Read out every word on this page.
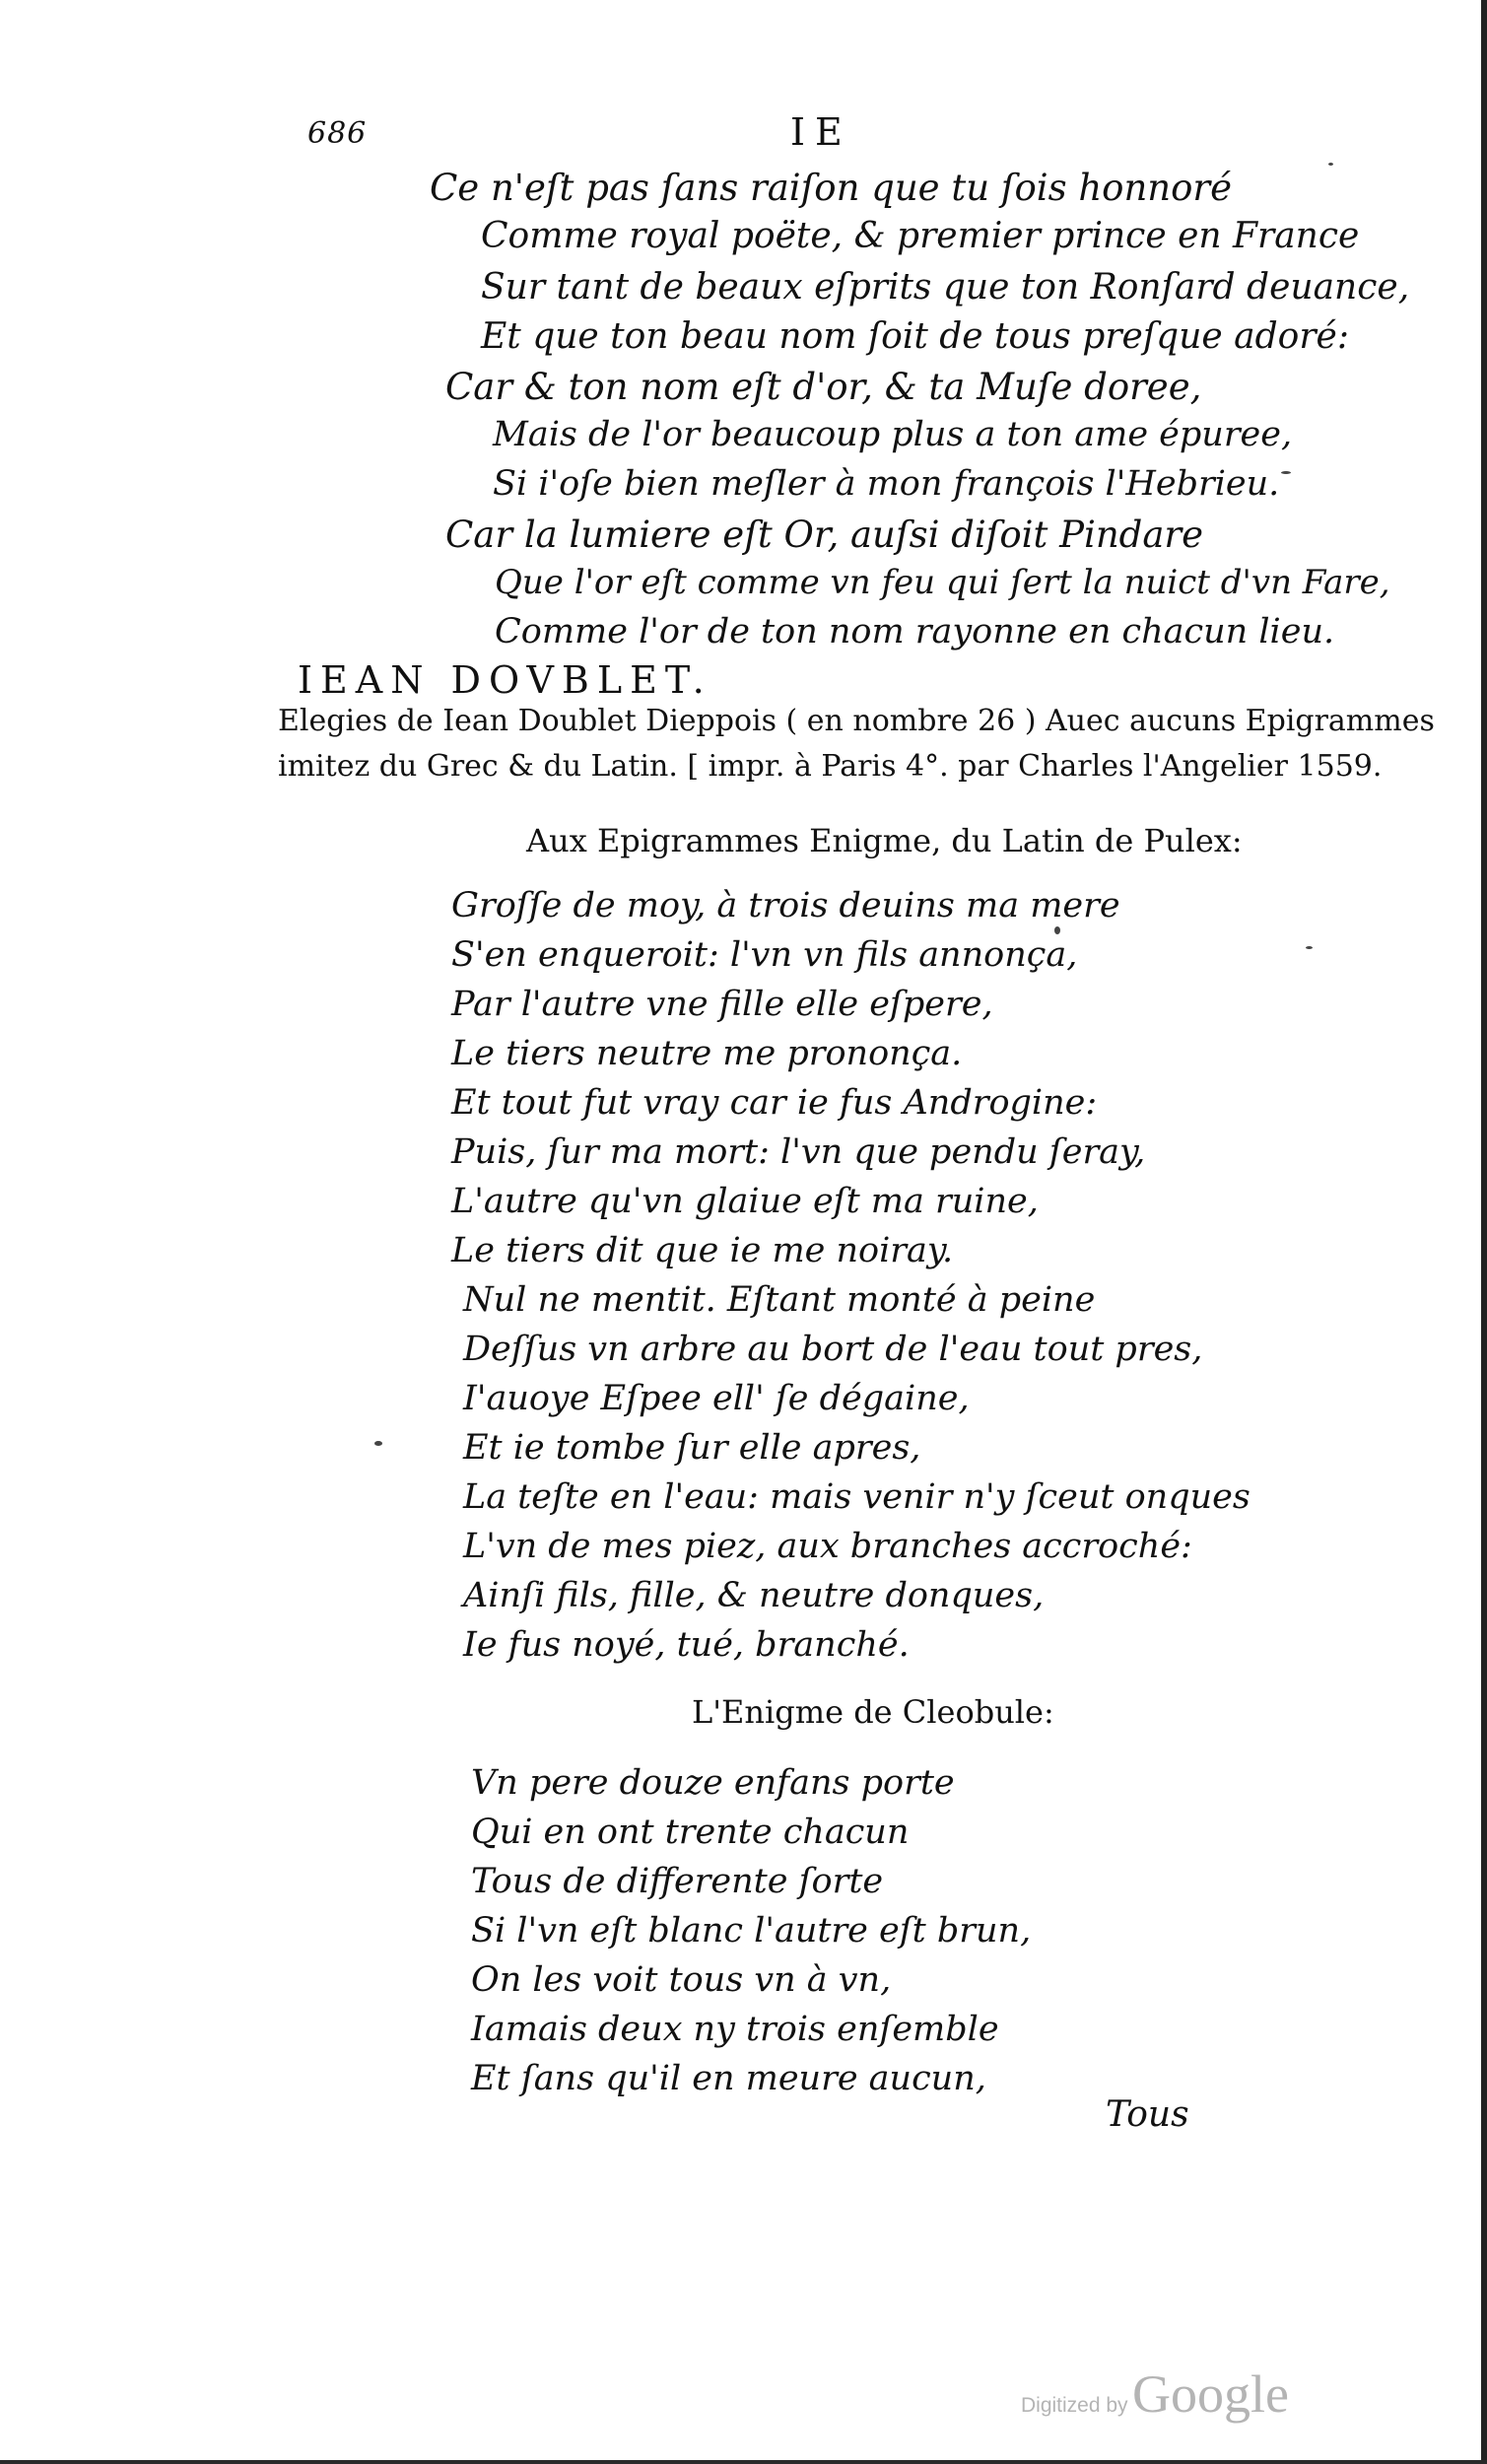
686	IE
Ce n'eſt pas ſans raiſon que tu ſois honnoré
Comme royal poëte, & premier prince en France
Sur tant de beaux eſprits que ton Ronſard deuance,
Et que ton beau nom ſoit de tous preſque adoré:
Car & ton nom eſt d'or, & ta Muſe doree,
Mais de l'or beaucoup plus a ton ame épuree,
Si i'oſe bien meſler à mon françois l'Hebrieu.
Car la lumiere eſt Or, auſsi diſoit Pindare
Que l'or eſt comme vn feu qui ſert la nuict d'vn Fare,
Comme l'or de ton nom rayonne en chacun lieu.
IEAN DOVBLET.
Elegies de Iean Doublet Dieppois ( en nombre 26 ) Auec aucuns Epigrammes
imitez du Grec & du Latin. [ impr. à Paris 4°. par Charles l'Angelier 1559.
Aux Epigrammes Enigme, du Latin de Pulex:
Groſſe de moy, à trois deuins ma mere
S'en enqueroit: l'vn vn fils annonça,
Par l'autre vne fille elle eſpere,
Le tiers neutre me prononça.
Et tout fut vray car ie fus Androgine:
Puis, ſur ma mort: l'vn que pendu ſeray,
L'autre qu'vn glaiue eſt ma ruine,
Le tiers dit que ie me noiray.
Nul ne mentit. Eſtant monté à peine
Deſſus vn arbre au bort de l'eau tout pres,
I'auoye Eſpee ell' ſe dégaine,
Et ie tombe ſur elle apres,
La teſte en l'eau: mais venir n'y ſceut onques
L'vn de mes piez, aux branches accroché:
Ainſi fils, fille, & neutre donques,
Ie fus noyé, tué, branché.
L'Enigme de Cleobule:
Vn pere douze enfans porte
Qui en ont trente chacun
Tous de differente ſorte
Si l'vn eſt blanc l'autre eſt brun,
On les voit tous vn à vn,
Iamais deux ny trois enſemble
Et ſans qu'il en meure aucun,
Tous
Digitized by Google
